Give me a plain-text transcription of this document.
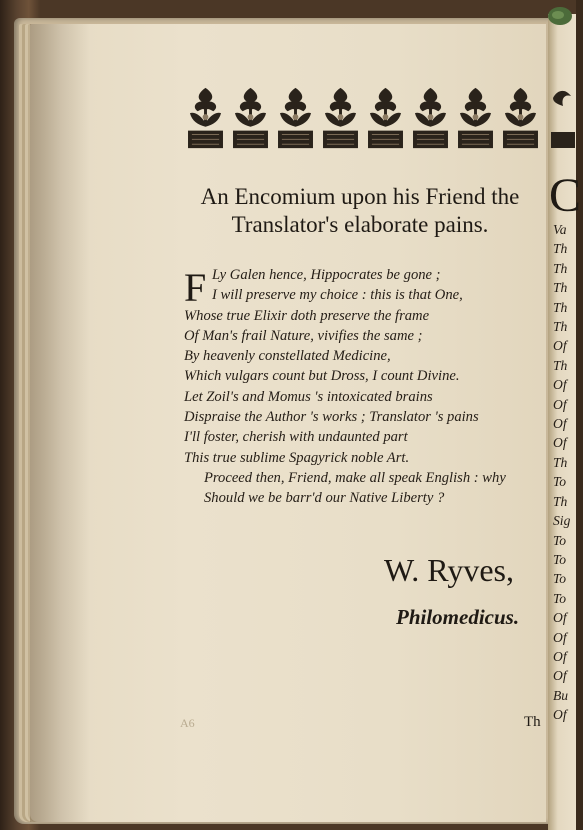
An Encomium upon his Friend the
Translator's elaborate pains.
F Ly Galen hence, Hippocrates be gone ;
I will preserve my choice : this is that One,
Whose true Elixir doth preserve the frame
Of Man's frail Nature, vivifies the same ;
By heavenly constellated Medicine,
Which vulgars count but Dross, I count Divine.
Let Zoil's and Momus 's intoxicated brains
Dispraise the Author 's works ; Translator 's pains
I'll foster, cherish with undaunted part
This true sublime Spagyrick noble Art.
Proceed then, Friend, make all speak English : why
Should we be barr'd our Native Liberty ?
W. Ryves,
Philomedicus.
Th
A6
C
Va
Th
Th
Th
Th
Th
Of
Th
Of
Of
Of
Of
Th
To
Th
Sig
To
To
To
To
Of
Of
Of
Of
Bu
Of
